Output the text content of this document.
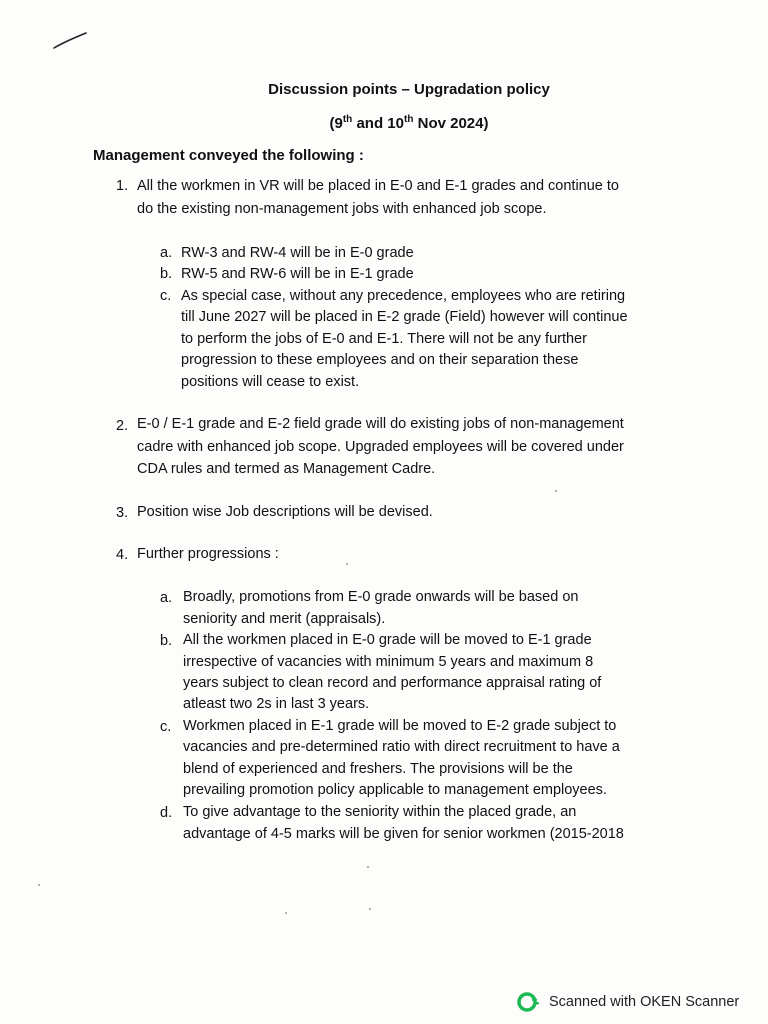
Discussion points – Upgradation policy
(9th and 10th Nov 2024)
Management conveyed the following :
1. All the workmen in VR will be placed in E-0 and E-1 grades and continue to
do the existing non-management jobs with enhanced job scope.
a. RW-3 and RW-4 will be in E-0 grade
b. RW-5 and RW-6 will be in E-1 grade
c. As special case, without any precedence, employees who are retiring
till June 2027 will be placed in E-2 grade (Field) however will continue
to perform the jobs of E-0 and E-1. There will not be any further
progression to these employees and on their separation these
positions will cease to exist.
2. E-0 / E-1 grade and E-2 field grade will do existing jobs of non-management
cadre with enhanced job scope. Upgraded employees will be covered under
CDA rules and termed as Management Cadre.
3. Position wise Job descriptions will be devised.
4. Further progressions :
a. Broadly, promotions from E-0 grade onwards will be based on
seniority and merit (appraisals).
b. All the workmen placed in E-0 grade will be moved to E-1 grade
irrespective of vacancies with minimum 5 years and maximum 8
years subject to clean record and performance appraisal rating of
atleast two 2s in last 3 years.
c. Workmen placed in E-1 grade will be moved to E-2 grade subject to
vacancies and pre-determined ratio with direct recruitment to have a
blend of experienced and freshers. The provisions will be the
prevailing promotion policy applicable to management employees.
d. To give advantage to the seniority within the placed grade, an
advantage of 4-5 marks will be given for senior workmen (2015-2018
Scanned with OKEN Scanner
